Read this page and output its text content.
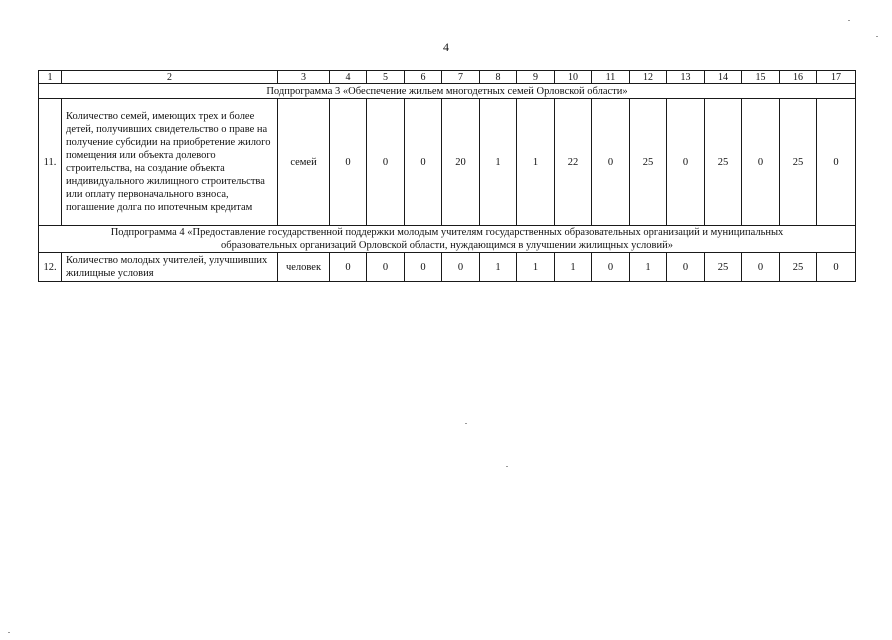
4
1	2	3	4	5	6	7	8	9	10	11	12	13	14	15	16	17
Подпрограмма 3 «Обеспечение жильем многодетных семей Орловской области»																
11.	Количество семей, имеющих трех и более детей, получивших свидетельство о праве на получение субсидии на приобретение жилого помещения или объекта долевого строительства, на создание объекта индивидуального жилищного строительства или оплату первоначального взноса, погашение долга по ипотечным кредитам	семей	0	0	0	20	1	1	22	0	25	0	25	0	25	0

Подпрограмма 4 «Предоставление государственной поддержки молодым учителям государственных образовательных организаций и муниципальных
образовательных организаций Орловской области, нуждающимся в улучшении жилищных условий»																

12.	Количество молодых учителей, улучшивших жилищные условия	человек	0	0	0	0	1	1	1	0	1	0	25	0	25	0
